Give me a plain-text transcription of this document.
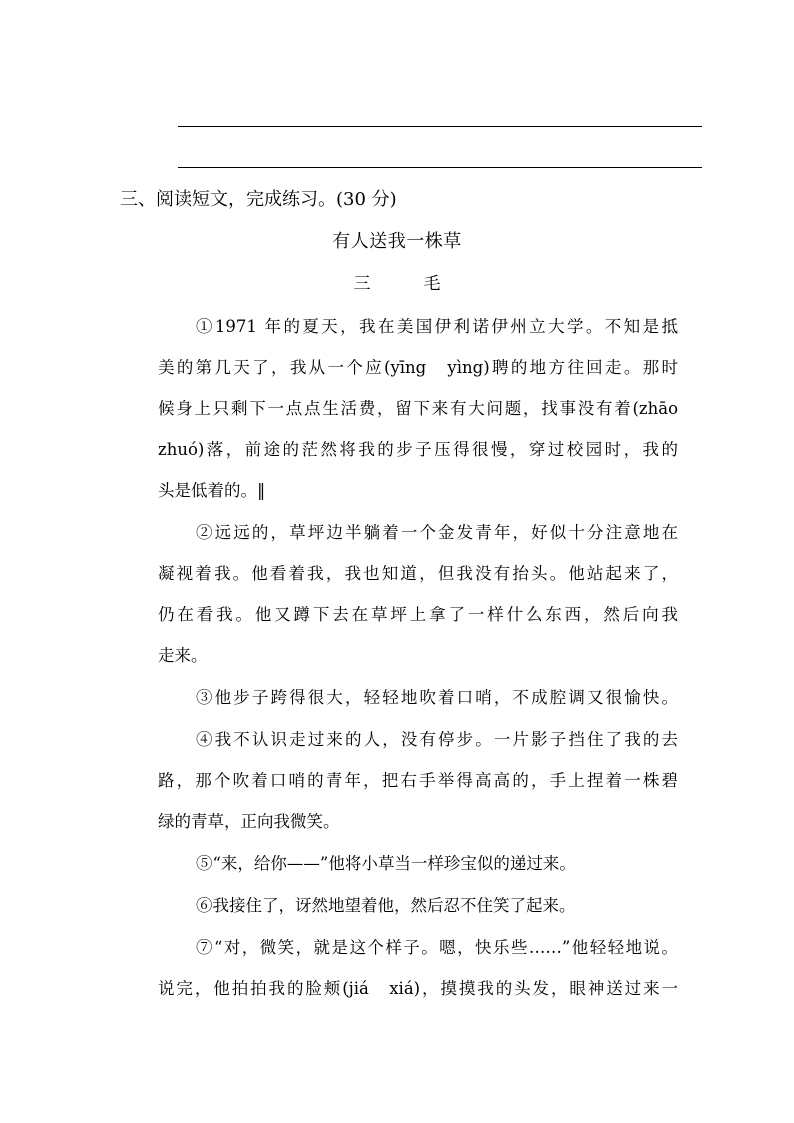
三、阅读短文，完成练习。(30 分)
有人送我一株草
三　毛
①1971 年的夏天，我在美国伊利诺伊州立大学。不知是抵
美的第几天了，我从一个应(yīng　yìng)聘的地方往回走。那时
候身上只剩下一点点生活费，留下来有大问题，找事没有着(zhāo
zhuó)落，前途的茫然将我的步子压得很慢，穿过校园时，我的
头是低着的。‖
②远远的，草坪边半躺着一个金发青年，好似十分注意地在
凝视着我。他看着我，我也知道，但我没有抬头。他站起来了，
仍在看我。他又蹲下去在草坪上拿了一样什么东西，然后向我
走来。
③他步子跨得很大，轻轻地吹着口哨，不成腔调又很愉快。
④我不认识走过来的人，没有停步。一片影子挡住了我的去
路，那个吹着口哨的青年，把右手举得高高的，手上捏着一株碧
绿的青草，正向我微笑。
⑤“来，给你——”他将小草当一样珍宝似的递过来。
⑥我接住了，讶然地望着他，然后忍不住笑了起来。
⑦“对，微笑，就是这个样子。嗯，快乐些……”他轻轻地说。
说完，他拍拍我的脸颊(jiá　xiá)，摸摸我的头发，眼神送过来一
